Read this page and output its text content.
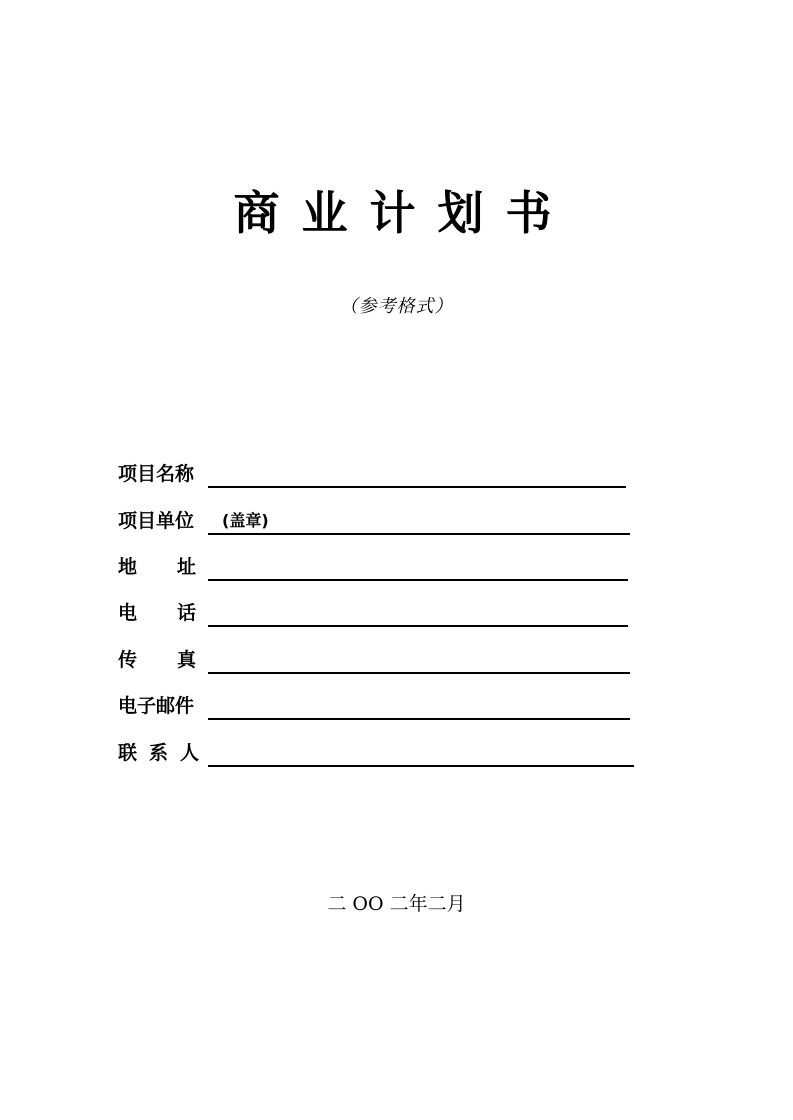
商业计划书
（参考格式）
项目名称
项目单位 (盖章)
地址
电话
传真
电子邮件
联系人
二 OO 二年二月
